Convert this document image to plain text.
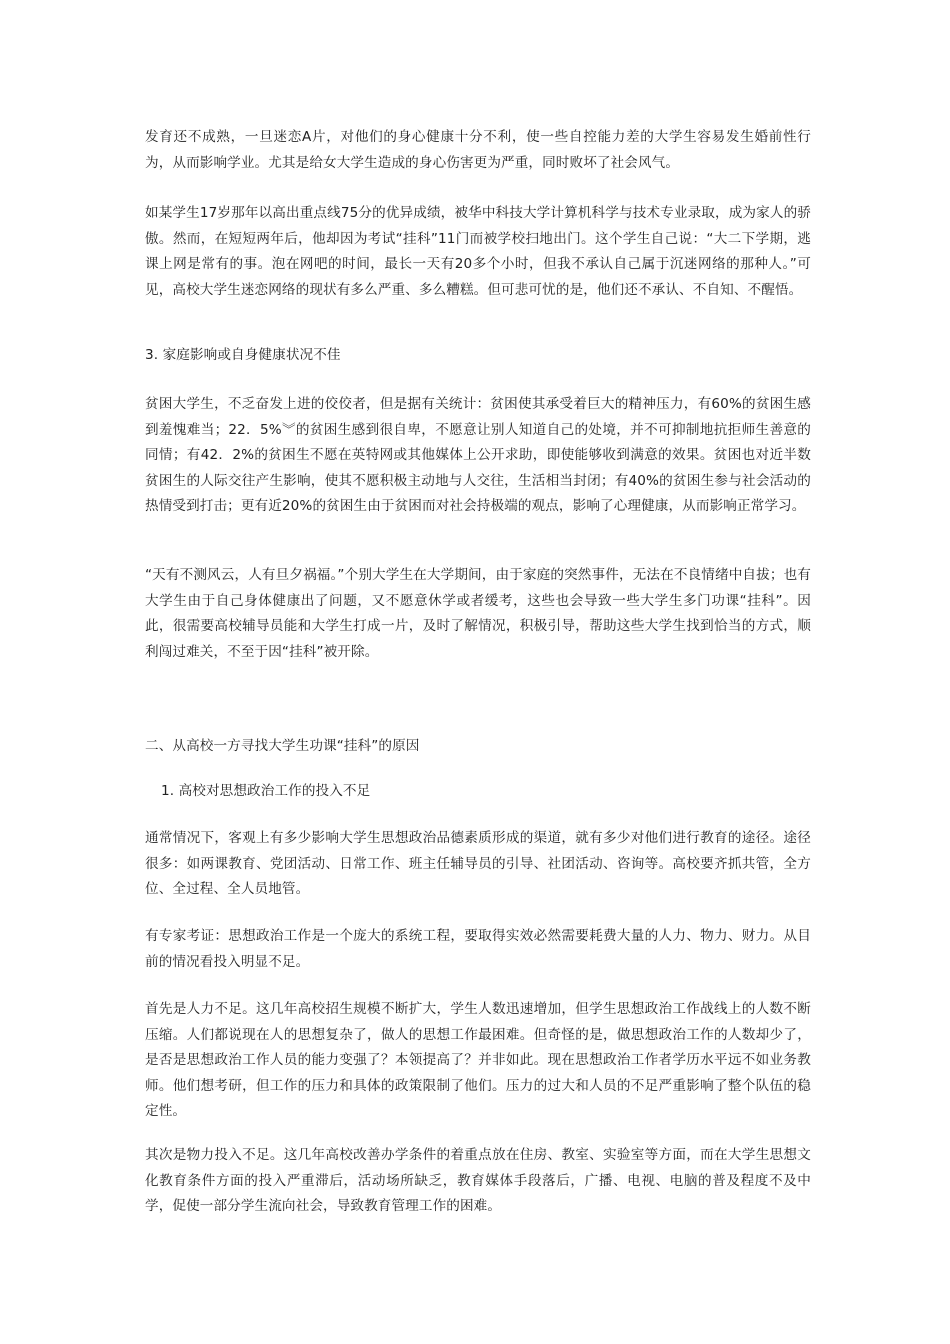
发育还不成熟，一旦迷恋A片，对他们的身心健康十分不利，使一些自控能力差的大学生容易发生婚前性行为，从而影响学业。尤其是给女大学生造成的身心伤害更为严重，同时败坏了社会风气。

如某学生17岁那年以高出重点线75分的优异成绩，被华中科技大学计算机科学与技术专业录取，成为家人的骄傲。然而，在短短两年后，他却因为考试“挂科”11门而被学校扫地出门。这个学生自己说：“大二下学期，逃课上网是常有的事。泡在网吧的时间，最长一天有20多个小时，但我不承认自己属于沉迷网络的那种人。”可见，高校大学生迷恋网络的现状有多么严重、多么糟糕。但可悲可忧的是，他们还不承认、不自知、不醒悟。

3. 家庭影响或自身健康状况不佳

贫困大学生，不乏奋发上进的佼佼者，但是据有关统计：贫困使其承受着巨大的精神压力，有60%的贫困生感到羞愧难当；22．5%︾的贫困生感到很自卑，不愿意让别人知道自己的处境，并不可抑制地抗拒师生善意的同情；有42．2%的贫困生不愿在英特网或其他媒体上公开求助，即使能够收到满意的效果。贫困也对近半数贫困生的人际交往产生影响，使其不愿积极主动地与人交往，生活相当封闭；有40%的贫困生参与社会活动的热情受到打击；更有近20%的贫困生由于贫困而对社会持极端的观点，影响了心理健康，从而影响正常学习。

“天有不测风云，人有旦夕祸福。”个别大学生在大学期间，由于家庭的突然事件，无法在不良情绪中自拔；也有大学生由于自己身体健康出了问题，又不愿意休学或者缓考，这些也会导致一些大学生多门功课“挂科”。因此，很需要高校辅导员能和大学生打成一片，及时了解情况，积极引导，帮助这些大学生找到恰当的方式，顺利闯过难关，不至于因“挂科”被开除。

二、从高校一方寻找大学生功课“挂科”的原因

1. 高校对思想政治工作的投入不足

通常情况下，客观上有多少影响大学生思想政治品德素质形成的渠道，就有多少对他们进行教育的途径。途径很多：如两课教育、党团活动、日常工作、班主任辅导员的引导、社团活动、咨询等。高校要齐抓共管，全方位、全过程、全人员地管。

有专家考证：思想政治工作是一个庞大的系统工程，要取得实效必然需要耗费大量的人力、物力、财力。从目前的情况看投入明显不足。

首先是人力不足。这几年高校招生规模不断扩大，学生人数迅速增加，但学生思想政治工作战线上的人数不断压缩。人们都说现在人的思想复杂了，做人的思想工作最困难。但奇怪的是，做思想政治工作的人数却少了，是否是思想政治工作人员的能力变强了？本领提高了？并非如此。现在思想政治工作者学历水平远不如业务教师。他们想考研，但工作的压力和具体的政策限制了他们。压力的过大和人员的不足严重影响了整个队伍的稳定性。

其次是物力投入不足。这几年高校改善办学条件的着重点放在住房、教室、实验室等方面，而在大学生思想文化教育条件方面的投入严重滞后，活动场所缺乏，教育媒体手段落后，广播、电视、电脑的普及程度不及中学，促使一部分学生流向社会，导致教育管理工作的困难。
